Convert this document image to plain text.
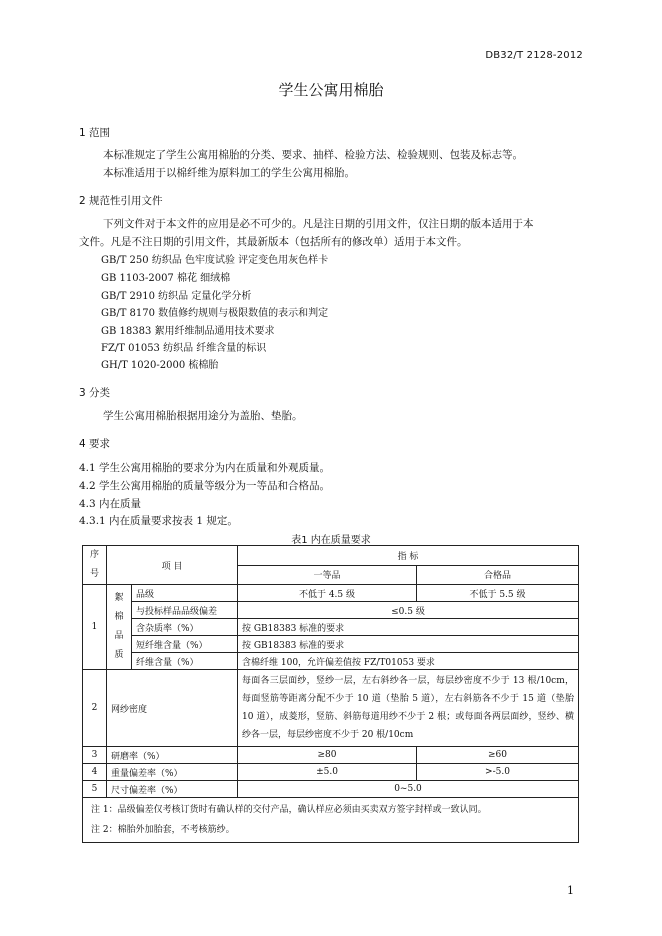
DB32/T 2128-2012
学生公寓用棉胎
1 范围
本标准规定了学生公寓用棉胎的分类、要求、抽样、检验方法、检验规则、包装及标志等。
本标准适用于以棉纤维为原料加工的学生公寓用棉胎。
2 规范性引用文件
下列文件对于本文件的应用是必不可少的。凡是注日期的引用文件，仅注日期的版本适用于本
文件。凡是不注日期的引用文件，其最新版本（包括所有的修改单）适用于本文件。
GB/T 250 纺织品 色牢度试验 评定变色用灰色样卡
GB 1103-2007 棉花 细绒棉
GB/T 2910 纺织品 定量化学分析
GB/T 8170 数值修约规则与极限数值的表示和判定
GB 18383 絮用纤维制品通用技术要求
FZ/T 01053 纺织品 纤维含量的标识
GH/T 1020-2000 梳棉胎
3 分类
学生公寓用棉胎根据用途分为盖胎、垫胎。
4 要求
4.1 学生公寓用棉胎的要求分为内在质量和外观质量。
4.2 学生公寓用棉胎的质量等级分为一等品和合格品。
4.3 内在质量
4.3.1 内在质量要求按表 1 规定。
表1 内在质量要求
序号	项 目		指 标	
			一等品	合格品
1	絮棉品质	品级	不低于 4.5 级	不低于 5.5 级
		与投标样品品级偏差	≤0.5 级	
		含杂质率（%）	按 GB18383 标准的要求	
		短纤维含量（%）	按 GB18383 标准的要求	
		纤维含量（%）	含棉纤维 100，允许偏差值按 FZ/T01053 要求	
2	网纱密度		每面各三层面纱，竖纱一层，左右斜纱各一层，每层纱密度不少于 13 根/10cm，每面竖筋等距离分配不少于 10 道（垫胎 5 道），左右斜筋各不少于 15 道（垫胎 10 道），成菱形，竖筋、斜筋每道用纱不少于 2 根；或每面各两层面纱，竖纱、横纱各一层，每层纱密度不少于 20 根/10cm	
3	研磨率（%）		≥80	≥60
4	重量偏差率（%）		±5.0	>-5.0
5	尺寸偏差率（%）		0~5.0	

注 1：品级偏差仅考核订货时有确认样的交付产品，确认样应必须由买卖双方签字封样或一致认同。
注 2：棉胎外加胎套，不考核筋纱。				
1
